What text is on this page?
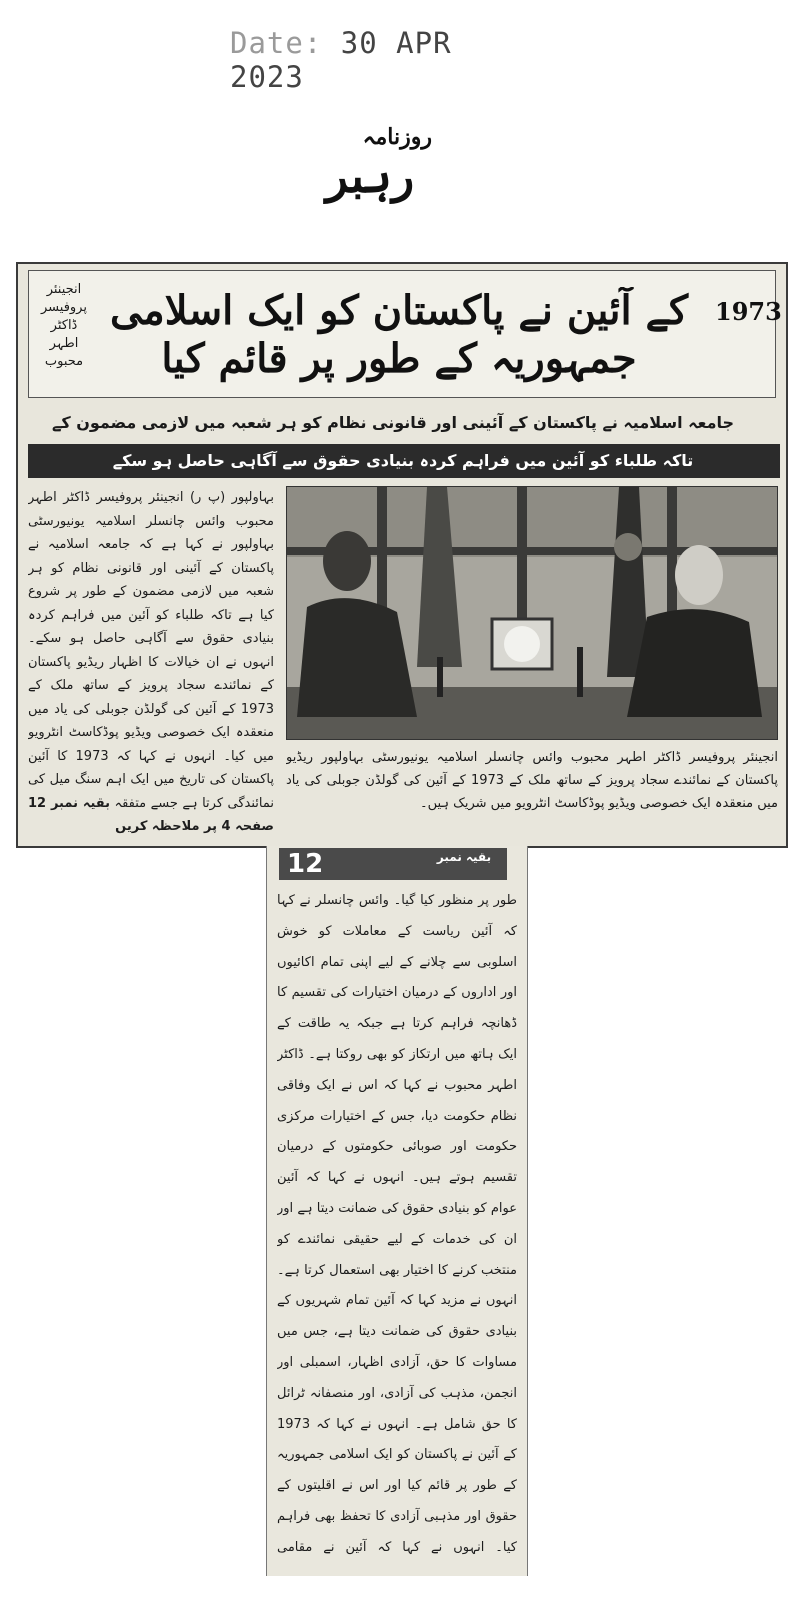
Date: 30 APR 2023
روزنامہ
رہبر
انجینئر پروفیسر ڈاکٹر اطہر محبوب
کے آئین نے پاکستان کو ایک اسلامی جمہوریہ کے طور پر قائم کیا
1973
جامعہ اسلامیہ نے پاکستان کے آئینی اور قانونی نظام کو ہر شعبہ میں لازمی مضمون کے
تاکہ طلباء کو آئین میں فراہم کردہ بنیادی حقوق سے آگاہی حاصل ہو سکے
بہاولپور (پ ر) انجینئر پروفیسر ڈاکٹر اطہر محبوب وائس چانسلر اسلامیہ یونیورسٹی بہاولپور نے کہا ہے کہ جامعہ اسلامیہ نے پاکستان کے آئینی اور قانونی نظام کو ہر شعبہ میں لازمی مضمون کے طور پر شروع کیا ہے تاکہ طلباء کو آئین میں فراہم کردہ بنیادی حقوق سے آگاہی حاصل ہو سکے۔ انہوں نے ان خیالات کا اظہار ریڈیو پاکستان کے نمائندے سجاد پرویز کے ساتھ ملک کے 1973 کے آئین کی گولڈن جوبلی کی یاد میں منعقدہ ایک خصوصی ویڈیو پوڈکاسٹ انٹرویو میں کیا۔ انہوں نے کہا کہ 1973 کا آئین پاکستان کی تاریخ میں ایک اہم سنگ میل کی نمائندگی کرتا ہے جسے متفقہ بقیہ نمبر 12 صفحہ 4 پر ملاحظہ کریں
انجینئر پروفیسر ڈاکٹر اطہر محبوب وائس چانسلر اسلامیہ یونیورسٹی بہاولپور ریڈیو پاکستان کے نمائندے سجاد پرویز کے ساتھ ملک کے 1973 کے آئین کی گولڈن جوبلی کی یاد میں منعقدہ ایک خصوصی ویڈیو پوڈکاسٹ انٹرویو میں شریک ہیں۔
12	بقیہ نمبر
طور پر منظور کیا گیا۔ وائس چانسلر نے کہا کہ آئین ریاست کے معاملات کو خوش اسلوبی سے چلانے کے لیے اپنی تمام اکائیوں اور اداروں کے درمیان اختیارات کی تقسیم کا ڈھانچہ فراہم کرتا ہے جبکہ یہ طاقت کے ایک ہاتھ میں ارتکاز کو بھی روکتا ہے۔ ڈاکٹر اطہر محبوب نے کہا کہ اس نے ایک وفاقی نظام حکومت دیا، جس کے اختیارات مرکزی حکومت اور صوبائی حکومتوں کے درمیان تقسیم ہوتے ہیں۔ انہوں نے کہا کہ آئین عوام کو بنیادی حقوق کی ضمانت دیتا ہے اور ان کی خدمات کے لیے حقیقی نمائندے کو منتخب کرنے کا اختیار بھی استعمال کرتا ہے۔ انہوں نے مزید کہا کہ آئین تمام شہریوں کے بنیادی حقوق کی ضمانت دیتا ہے، جس میں مساوات کا حق، آزادی اظہار، اسمبلی اور انجمن، مذہب کی آزادی، اور منصفانہ ٹرائل کا حق شامل ہے۔ انہوں نے کہا کہ 1973 کے آئین نے پاکستان کو ایک اسلامی جمہوریہ کے طور پر قائم کیا اور اس نے اقلیتوں کے حقوق اور مذہبی آزادی کا تحفظ بھی فراہم کیا۔ انہوں نے کہا کہ آئین نے مقامی
